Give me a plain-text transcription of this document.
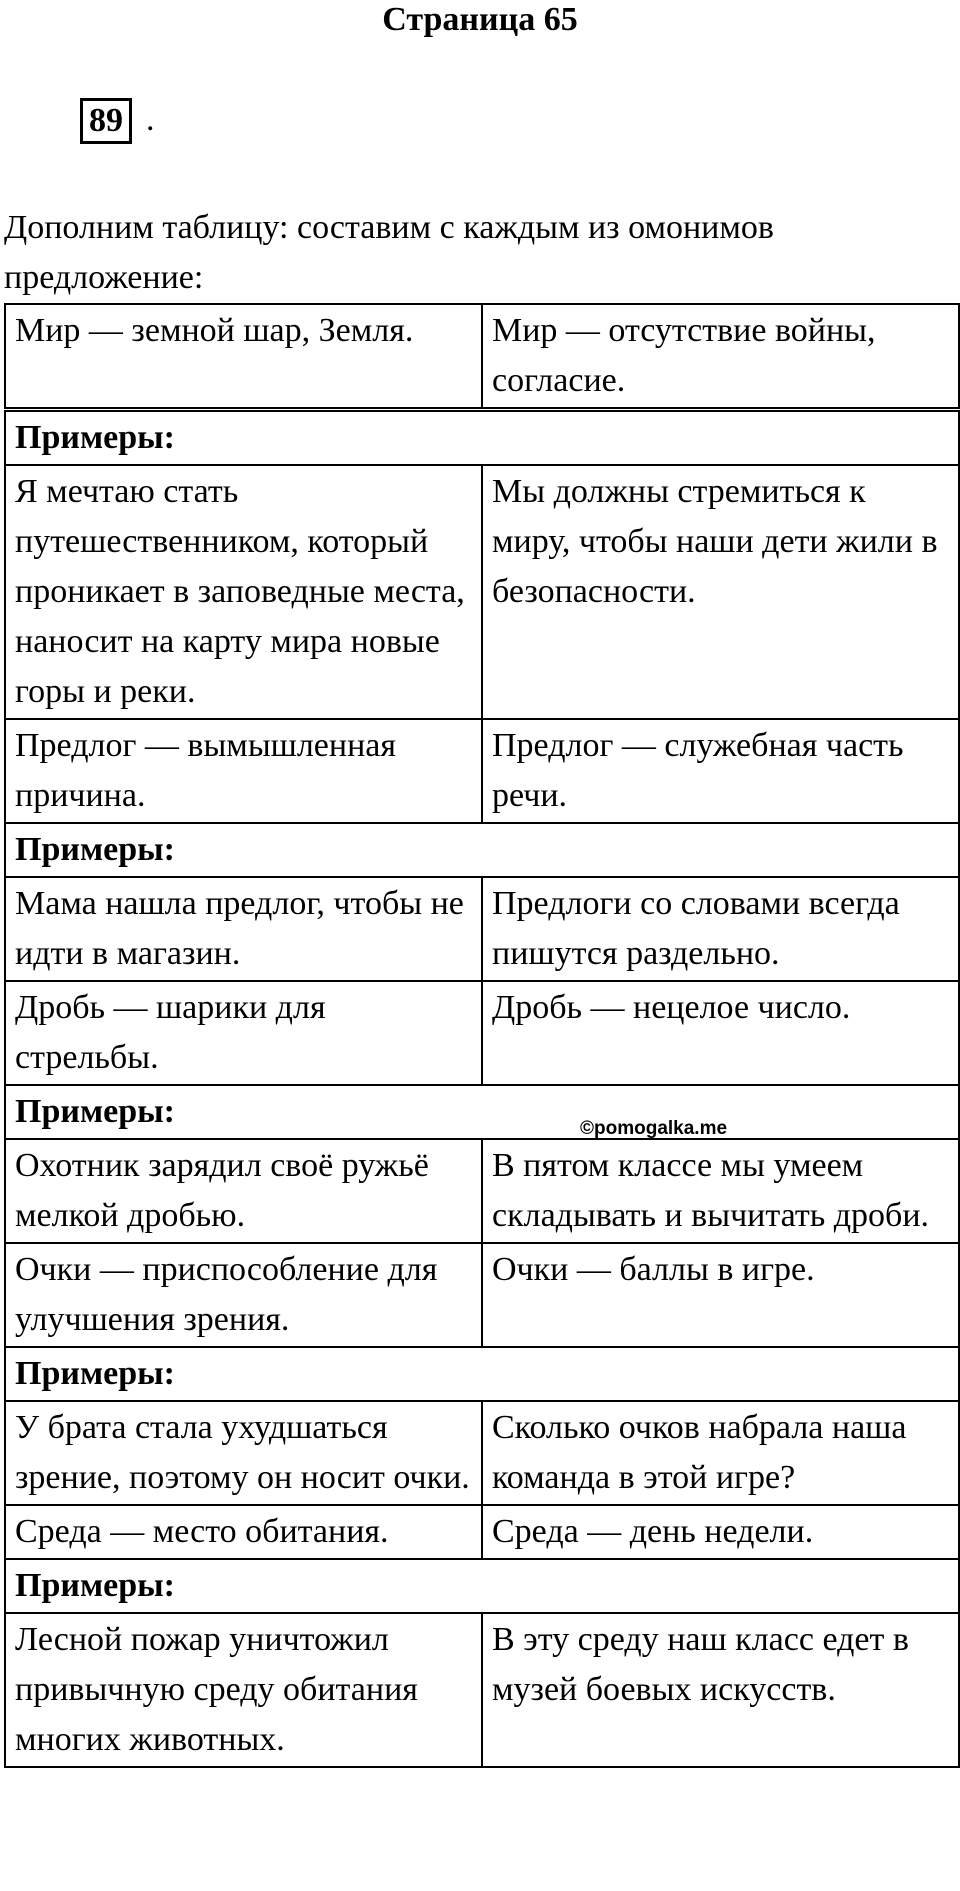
Страница 65
89 .

Дополним таблицу: составим с каждым из омонимов предложение:

Мир — земной шар, Земля.	Мир — отсутствие войны, согласие.
Примеры:	
Я мечтаю стать путешественником, который проникает в заповедные места, наносит на карту мира новые горы и реки.	Мы должны стремиться к миру, чтобы наши дети жили в безопасности.
Предлог — вымышленная причина.	Предлог — служебная часть речи.
Примеры:	
Мама нашла предлог, чтобы не идти в магазин.	Предлоги со словами всегда пишутся раздельно.
Дробь — шарики для стрельбы.	Дробь — нецелое число.
Примеры:	
Охотник зарядил своё ружьё мелкой дробью.	В пятом классе мы умеем складывать и вычитать дроби.
Очки — приспособление для улучшения зрения.	Очки — баллы в игре.
Примеры:	
У брата стала ухудшаться зрение, поэтому он носит очки.	Сколько очков набрала наша команда в этой игре?
Среда — место обитания.	Среда — день недели.
Примеры:	
Лесной пожар уничтожил привычную среду обитания многих животных.	В эту среду наш класс едет в музей боевых искусств.
©pomogalka.me
